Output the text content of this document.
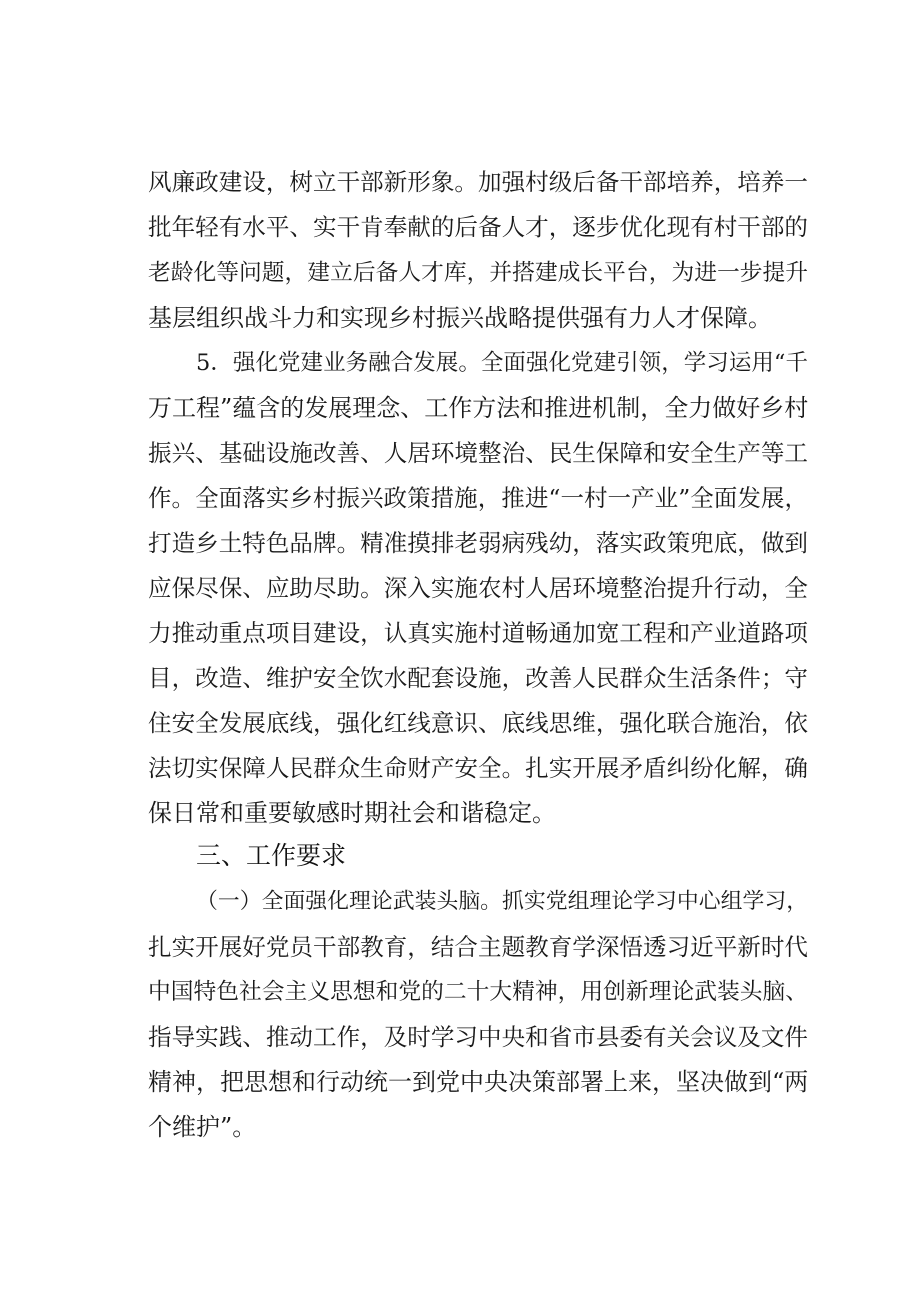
风廉政建设，树立干部新形象。加强村级后备干部培养，培养一
批年轻有水平、实干肯奉献的后备人才，逐步优化现有村干部的
老龄化等问题，建立后备人才库，并搭建成长平台，为进一步提升
基层组织战斗力和实现乡村振兴战略提供强有力人才保障。
5．强化党建业务融合发展。全面强化党建引领，学习运用“千
万工程”蕴含的发展理念、工作方法和推进机制，全力做好乡村
振兴、基础设施改善、人居环境整治、民生保障和安全生产等工
作。全面落实乡村振兴政策措施，推进“一村一产业”全面发展，
打造乡土特色品牌。精准摸排老弱病残幼，落实政策兜底，做到
应保尽保、应助尽助。深入实施农村人居环境整治提升行动，全
力推动重点项目建设，认真实施村道畅通加宽工程和产业道路项
目，改造、维护安全饮水配套设施，改善人民群众生活条件；守
住安全发展底线，强化红线意识、底线思维，强化联合施治，依
法切实保障人民群众生命财产安全。扎实开展矛盾纠纷化解，确
保日常和重要敏感时期社会和谐稳定。
三、工作要求
（一）全面强化理论武装头脑。抓实党组理论学习中心组学习，
扎实开展好党员干部教育，结合主题教育学深悟透习近平新时代
中国特色社会主义思想和党的二十大精神，用创新理论武装头脑、
指导实践、推动工作，及时学习中央和省市县委有关会议及文件
精神，把思想和行动统一到党中央决策部署上来，坚决做到“两
个维护”。
